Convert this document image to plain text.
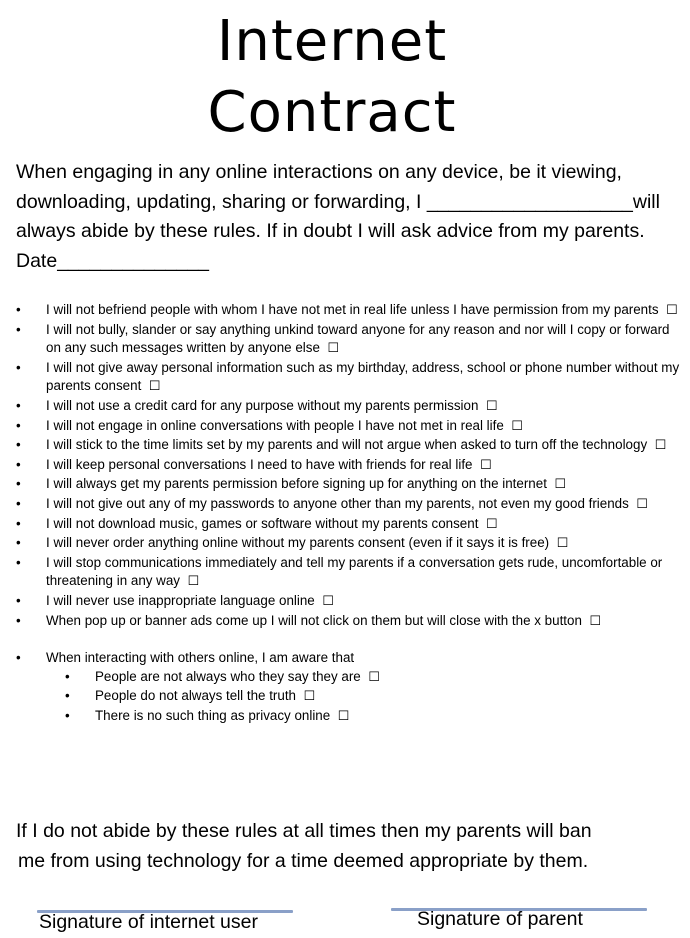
Internet
Contract
When engaging in any online interactions on any device, be it viewing, downloading, updating, sharing or forwarding, I ___________________will always abide by these rules. If in doubt I will ask advice from my parents. Date______________
• I will not befriend people with whom I have not met in real life unless I have permission from my parents ☐
• I will not bully, slander or say anything unkind toward anyone for any reason and nor will I copy or forward on any such messages written by anyone else ☐
• I will not give away personal information such as my birthday, address, school or phone number without my parents consent ☐
• I will not use a credit card for any purpose without my parents permission ☐
• I will not engage in online conversations with people I have not met in real life ☐
• I will stick to the time limits set by my parents and will not argue when asked to turn off the technology ☐
• I will keep personal conversations I need to have with friends for real life ☐
• I will always get my parents permission before signing up for anything on the internet ☐
• I will not give out any of my passwords to anyone other than my parents, not even my good friends ☐
• I will not download music, games or software without my parents consent ☐
• I will never order anything online without my parents consent (even if it says it is free) ☐
• I will stop communications immediately and tell my parents if a conversation gets rude, uncomfortable or threatening in any way ☐
• I will never use inappropriate language online ☐
• When pop up or banner ads come up I will not click on them but will close with the x button ☐
• When interacting with others online, I am aware that
• People are not always who they say they are ☐
• People do not always tell the truth ☐
• There is no such thing as privacy online ☐
If I do not abide by these rules at all times then my parents will ban
me from using technology for a time deemed appropriate by them.
Signature of internet user	Signature of parent
